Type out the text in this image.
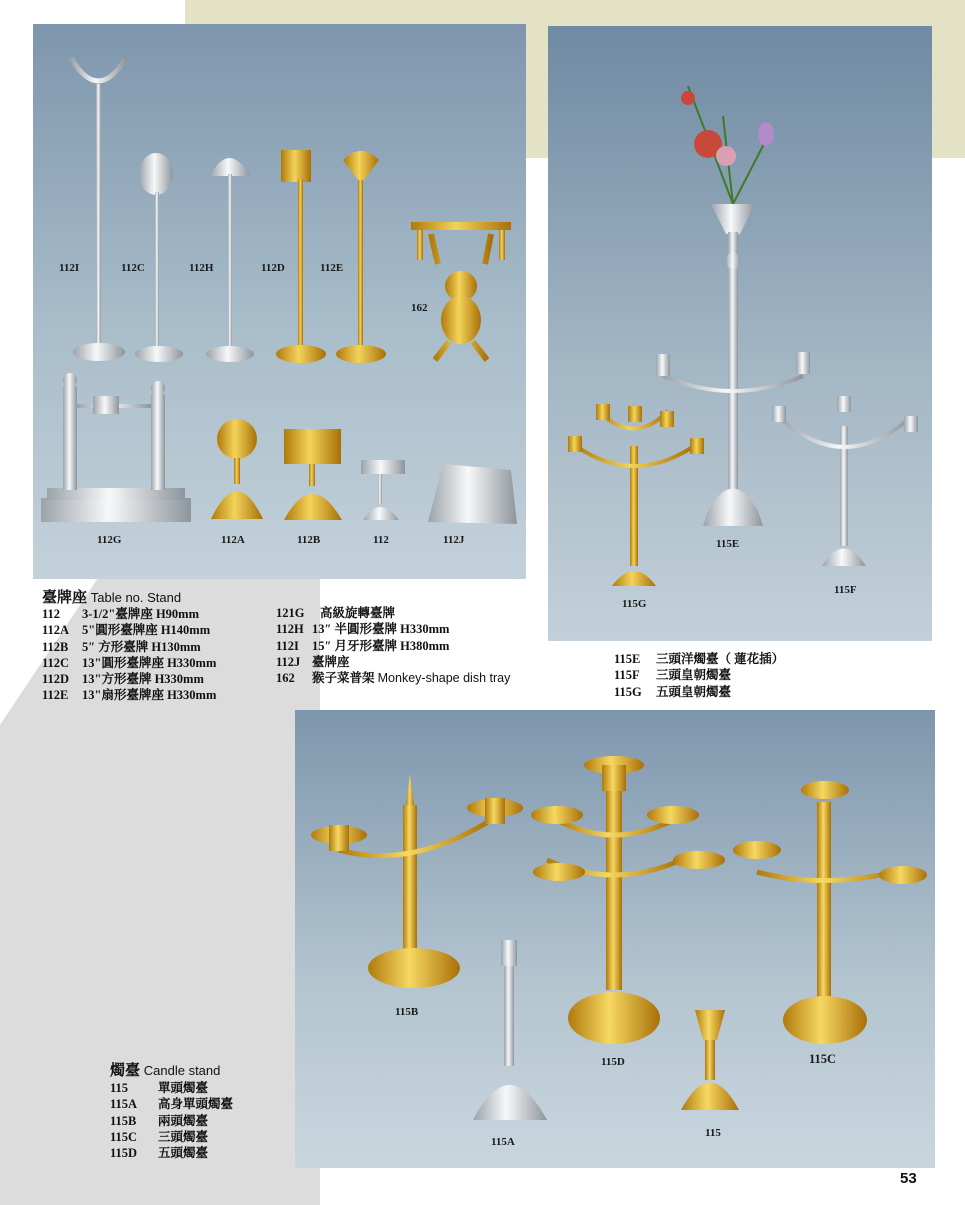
112I	112C	112H	112D	112E
162
112G	112A	112B	112	112J	115E
115F
115G
115B
115D	115C
115A
115
臺牌座 Table no. Stand
112	3-1/2"臺牌座 H90mm
112A	5"圓形臺牌座 H140mm
112B	5″ 方形臺牌 H130mm
112C	13"圓形臺牌座 H330mm
112D	13"方形臺牌 H330mm
112E	13"扇形臺牌座 H330mm
121G	高級旋轉臺牌
112H 13″ 半圓形臺牌 H330mm
112I	15″ 月牙形臺牌 H380mm
112J 臺牌座
162	猴子菜普架
Monkey-shape dish tray
115E	三頭洋燭臺（ 蓮花插）
115F	三頭皇朝燭臺
115G	五頭皇朝燭臺
燭臺 Candle stand
115	單頭燭臺
115A	高身單頭燭臺
115B	兩頭燭臺
115C	三頭燭臺
115D	五頭燭臺
53
